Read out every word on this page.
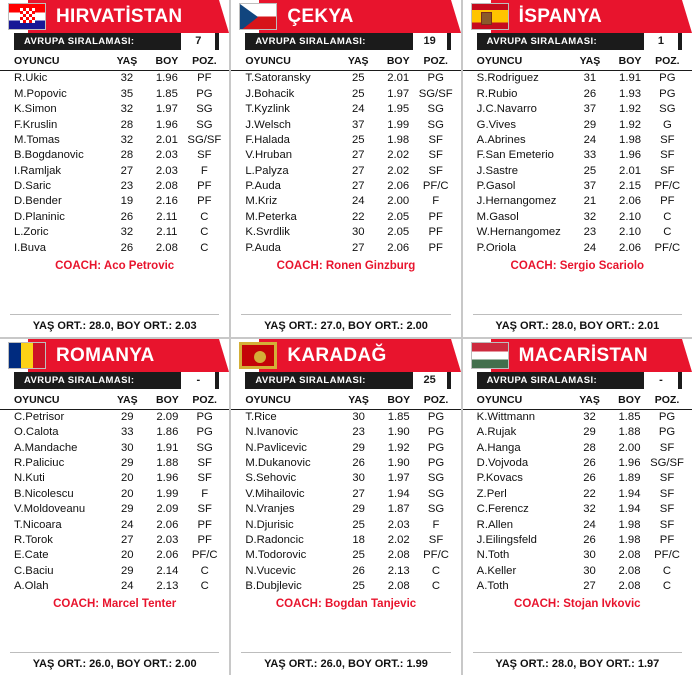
HIRVATİSTAN
AVRUPA SIRALAMASI:	7
OYUNCU	YAŞ	BOY	POZ.
R.Ukic	32	1.96	PF
M.Popovic	35	1.85	PG
K.Simon	32	1.97	SG
F.Kruslin	28	1.96	SG
M.Tomas	32	2.01	SG/SF
B.Bogdanovic	28	2.03	SF
I.Ramljak	27	2.03	F
D.Saric	23	2.08	PF
D.Bender	19	2.16	PF
D.Planinic	26	2.11	C
L.Zoric	32	2.11	C
I.Buva	26	2.08	C
COACH: Aco Petrovic
YAŞ ORT.: 28.0, BOY ORT.: 2.03
ÇEKYA
AVRUPA SIRALAMASI:	19
OYUNCU	YAŞ	BOY	POZ.
T.Satoransky	25	2.01	PG
J.Bohacik	25	1.97	SG/SF
T.Kyzlink	24	1.95	SG
J.Welsch	37	1.99	SG
F.Halada	25	1.98	SF
V.Hruban	27	2.02	SF
L.Palyza	27	2.02	SF
P.Auda	27	2.06	PF/C
M.Kriz	24	2.00	F
M.Peterka	22	2.05	PF
K.Svrdlik	30	2.05	PF
P.Auda	27	2.06	PF
COACH: Ronen Ginzburg
YAŞ ORT.: 27.0, BOY ORT.: 2.00
İSPANYA
AVRUPA SIRALAMASI:	1
OYUNCU	YAŞ	BOY	POZ.
S.Rodriguez	31	1.91	PG
R.Rubio	26	1.93	PG
J.C.Navarro	37	1.92	SG
G.Vives	29	1.92	G
A.Abrines	24	1.98	SF
F.San Emeterio	33	1.96	SF
J.Sastre	25	2.01	SF
P.Gasol	37	2.15	PF/C
J.Hernangomez	21	2.06	PF
M.Gasol	32	2.10	C
W.Hernangomez	23	2.10	C
P.Oriola	24	2.06	PF/C
COACH: Sergio Scariolo
YAŞ ORT.: 28.0, BOY ORT.: 2.01
ROMANYA
AVRUPA SIRALAMASI:	-
OYUNCU	YAŞ	BOY	POZ.
C.Petrisor	29	2.09	PG
O.Calota	33	1.86	PG
A.Mandache	30	1.91	SG
R.Paliciuc	29	1.88	SF
N.Kuti	20	1.96	SF
B.Nicolescu	20	1.99	F
V.Moldoveanu	29	2.09	SF
T.Nicoara	24	2.06	PF
R.Torok	27	2.03	PF
E.Cate	20	2.06	PF/C
C.Baciu	29	2.14	C
A.Olah	24	2.13	C
COACH: Marcel Tenter
YAŞ ORT.: 26.0, BOY ORT.: 2.00
KARADAĞ
AVRUPA SIRALAMASI:	25
OYUNCU	YAŞ	BOY	POZ.
T.Rice	30	1.85	PG
N.Ivanovic	23	1.90	PG
N.Pavlicevic	29	1.92	PG
M.Dukanovic	26	1.90	PG
S.Sehovic	30	1.97	SG
V.Mihailovic	27	1.94	SG
N.Vranjes	29	1.87	SG
N.Djurisic	25	2.03	F
D.Radoncic	18	2.02	SF
M.Todorovic	25	2.08	PF/C
N.Vucevic	26	2.13	C
B.Dubjlevic	25	2.08	C
COACH: Bogdan Tanjevic
YAŞ ORT.: 26.0, BOY ORT.: 1.99
MACARİSTAN
AVRUPA SIRALAMASI:	-
OYUNCU	YAŞ	BOY	POZ.
K.Wittmann	32	1.85	PG
A.Rujak	29	1.88	PG
A.Hanga	28	2.00	SF
D.Vojvoda	26	1.96	SG/SF
P.Kovacs	26	1.89	SF
Z.Perl	22	1.94	SF
C.Ferencz	32	1.94	SF
R.Allen	24	1.98	SF
J.Eilingsfeld	26	1.98	PF
N.Toth	30	2.08	PF/C
A.Keller	30	2.08	C
A.Toth	27	2.08	C
COACH: Stojan Ivkovic
YAŞ ORT.: 28.0, BOY ORT.: 1.97
